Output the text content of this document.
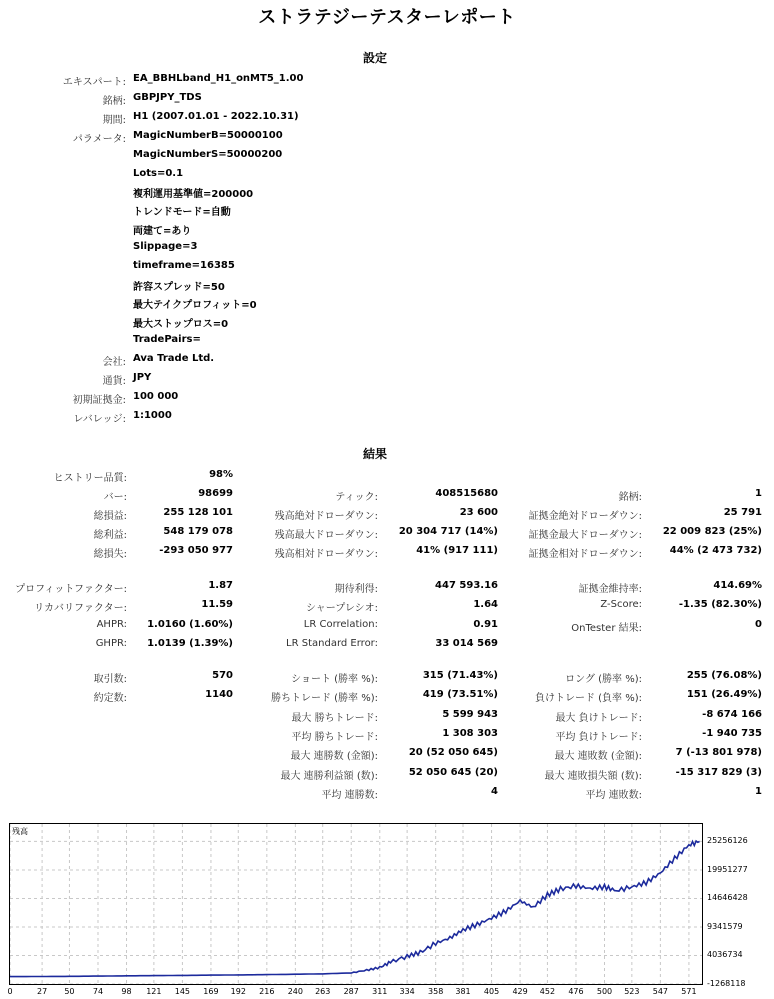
ストラテジーテスターレポート
設定
エキスパート: EA_BBHLband_H1_onMT5_1.00
銘柄: GBPJPY_TDS
期間: H1 (2007.01.01 - 2022.10.31)
パラメータ: MagicNumberB=50000100
MagicNumberS=50000200
Lots=0.1
複利運用基準値=200000
トレンドモード=自動
両建て=あり
Slippage=3
timeframe=16385
許容スプレッド=50
最大テイクプロフィット=0
最大ストップロス=0
TradePairs=
会社: Ava Trade Ltd.
通貨: JPY
初期証拠金: 100 000
レバレッジ: 1:1000
結果
ヒストリー品質:	98%
バー:	98699	ティック:	408515680	銘柄:	1
総損益:	255 128 101	残高絶対ドローダウン:	23 600	証拠金絶対ドローダウン:	25 791
総利益:	548 179 078	残高最大ドローダウン: 20 304 717 (14%)	証拠金最大ドローダウン: 22 009 823 (25%)
総損失:	-293 050 977	残高相対ドローダウン:	41% (917 111)	証拠金相対ドローダウン:	44% (2 473 732)
プロフィットファクター:	1.87	期待利得:	447 593.16	証拠金維持率:	414.69%
リカバリファクター:	11.59	シャープレシオ:	1.64	Z-Score:	-1.35 (82.30%)
AHPR: 1.0160 (1.60%)	LR Correlation:	0.91	OnTester 結果:	0
GHPR: 1.0139 (1.39%)	LR Standard Error:	33 014 569
取引数:	570	ショート (勝率 %):	315 (71.43%)	ロング (勝率 %):	255 (76.08%)
約定数:	1140	勝ちトレード (勝率 %):	419 (73.51%)	負けトレード (負率 %):	151 (26.49%)
最大 勝ちトレード:	5 599 943	最大 負けトレード:	-8 674 166
平均 勝ちトレード:	1 308 303	平均 負けトレード:	-1 940 735
最大 連勝数 (金額):	20 (52 050 645)	最大 連敗数 (金額):	7 (-13 801 978)
最大 連勝利益額 (数):	52 050 645 (20)	最大 連敗損失額 (数):	-15 317 829 (3)
平均 連勝数:	4	平均 連敗数:	1
残高
0	27 50 74 98 121 145 169 192 216 240 263 287 311 334 358 381 405 429 452 476 500 523 547 571
25256126
19951277
14646428
9341579
4036734
-1268118
